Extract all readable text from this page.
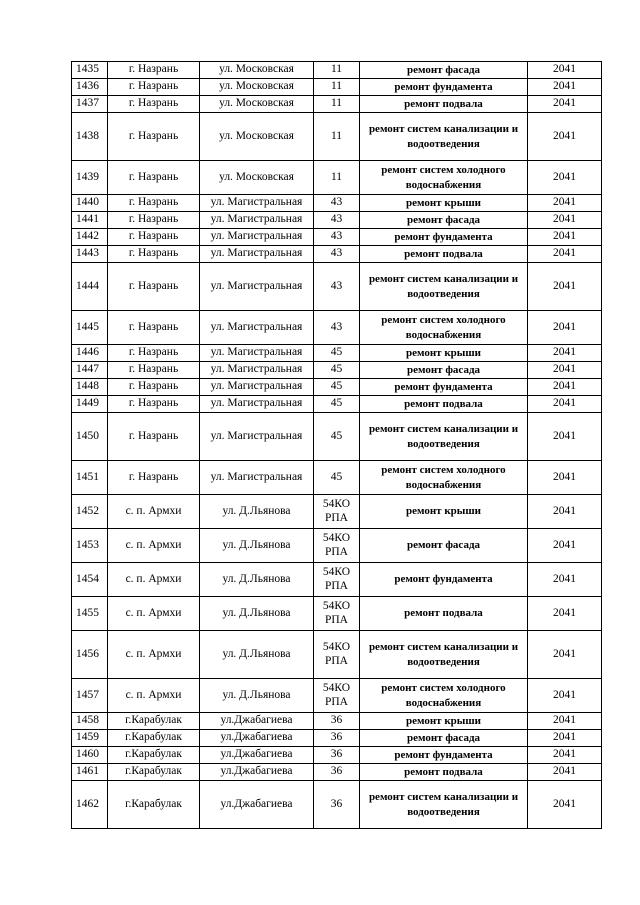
1435	г. Назрань	ул. Московская	11	ремонт фасада	2041
1436	г. Назрань	ул. Московская	11	ремонт фундамента	2041
1437	г. Назрань	ул. Московская	11	ремонт подвала	2041
1438	г. Назрань	ул. Московская	11	ремонт систем канализации и водоотведения	2041
1439	г. Назрань	ул. Московская	11	ремонт систем холодного водоснабжения	2041
1440	г. Назрань	ул. Магистральная	43	ремонт крыши	2041
1441	г. Назрань	ул. Магистральная	43	ремонт фасада	2041
1442	г. Назрань	ул. Магистральная	43	ремонт фундамента	2041
1443	г. Назрань	ул. Магистральная	43	ремонт подвала	2041
1444	г. Назрань	ул. Магистральная	43	ремонт систем канализации и водоотведения	2041
1445	г. Назрань	ул. Магистральная	43	ремонт систем холодного водоснабжения	2041
1446	г. Назрань	ул. Магистральная	45	ремонт крыши	2041
1447	г. Назрань	ул. Магистральная	45	ремонт фасада	2041
1448	г. Назрань	ул. Магистральная	45	ремонт фундамента	2041
1449	г. Назрань	ул. Магистральная	45	ремонт подвала	2041
1450	г. Назрань	ул. Магистральная	45	ремонт систем канализации и водоотведения	2041
1451	г. Назрань	ул. Магистральная	45	ремонт систем холодного водоснабжения	2041
1452	с. п. Армхи	ул. Д.Льянова	54КО РПА	ремонт крыши	2041
1453	с. п. Армхи	ул. Д.Льянова	54КО РПА	ремонт фасада	2041
1454	с. п. Армхи	ул. Д.Льянова	54КО РПА	ремонт фундамента	2041
1455	с. п. Армхи	ул. Д.Льянова	54КО РПА	ремонт подвала	2041
1456	с. п. Армхи	ул. Д.Льянова	54КО РПА	ремонт систем канализации и водоотведения	2041
1457	с. п. Армхи	ул. Д.Льянова	54КО РПА	ремонт систем холодного водоснабжения	2041
1458	г.Карабулак	ул.Джабагиева	36	ремонт крыши	2041
1459	г.Карабулак	ул.Джабагиева	36	ремонт фасада	2041
1460	г.Карабулак	ул.Джабагиева	36	ремонт фундамента	2041
1461	г.Карабулак	ул.Джабагиева	36	ремонт подвала	2041
1462	г.Карабулак	ул.Джабагиева	36	ремонт систем канализации и водоотведения	2041
